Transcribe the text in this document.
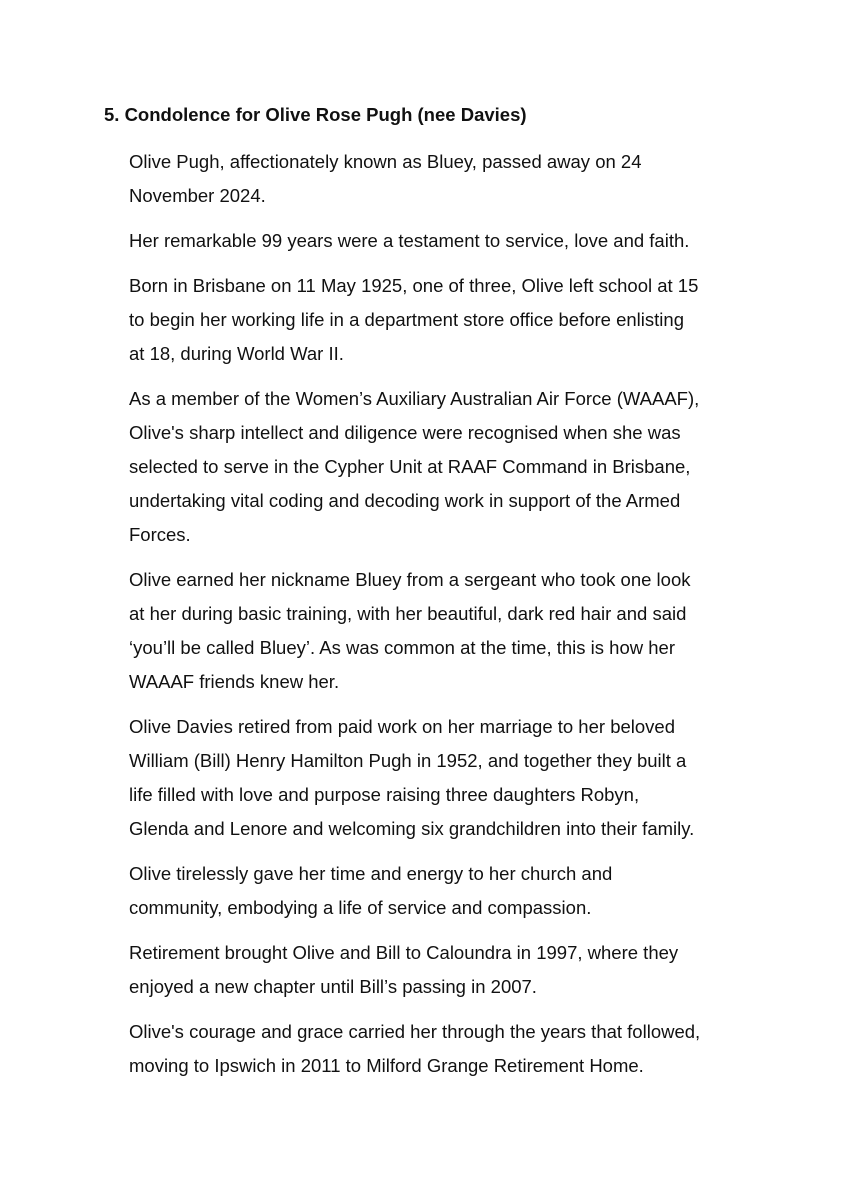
5. Condolence for Olive Rose Pugh (nee Davies)

Olive Pugh, affectionately known as Bluey, passed away on 24
November 2024.

Her remarkable 99 years were a testament to service, love and faith.

Born in Brisbane on 11 May 1925, one of three, Olive left school at 15
to begin her working life in a department store office before enlisting
at 18, during World War II.

As a member of the Women’s Auxiliary Australian Air Force (WAAAF),
Olive's sharp intellect and diligence were recognised when she was
selected to serve in the Cypher Unit at RAAF Command in Brisbane,
undertaking vital coding and decoding work in support of the Armed
Forces.

Olive earned her nickname Bluey from a sergeant who took one look
at her during basic training, with her beautiful, dark red hair and said
‘you’ll be called Bluey’. As was common at the time, this is how her
WAAAF friends knew her.

Olive Davies retired from paid work on her marriage to her beloved
William (Bill) Henry Hamilton Pugh in 1952, and together they built a
life filled with love and purpose raising three daughters Robyn,
Glenda and Lenore and welcoming six grandchildren into their family.

Olive tirelessly gave her time and energy to her church and
community, embodying a life of service and compassion.

Retirement brought Olive and Bill to Caloundra in 1997, where they
enjoyed a new chapter until Bill’s passing in 2007.

Olive's courage and grace carried her through the years that followed,
moving to Ipswich in 2011 to Milford Grange Retirement Home.
